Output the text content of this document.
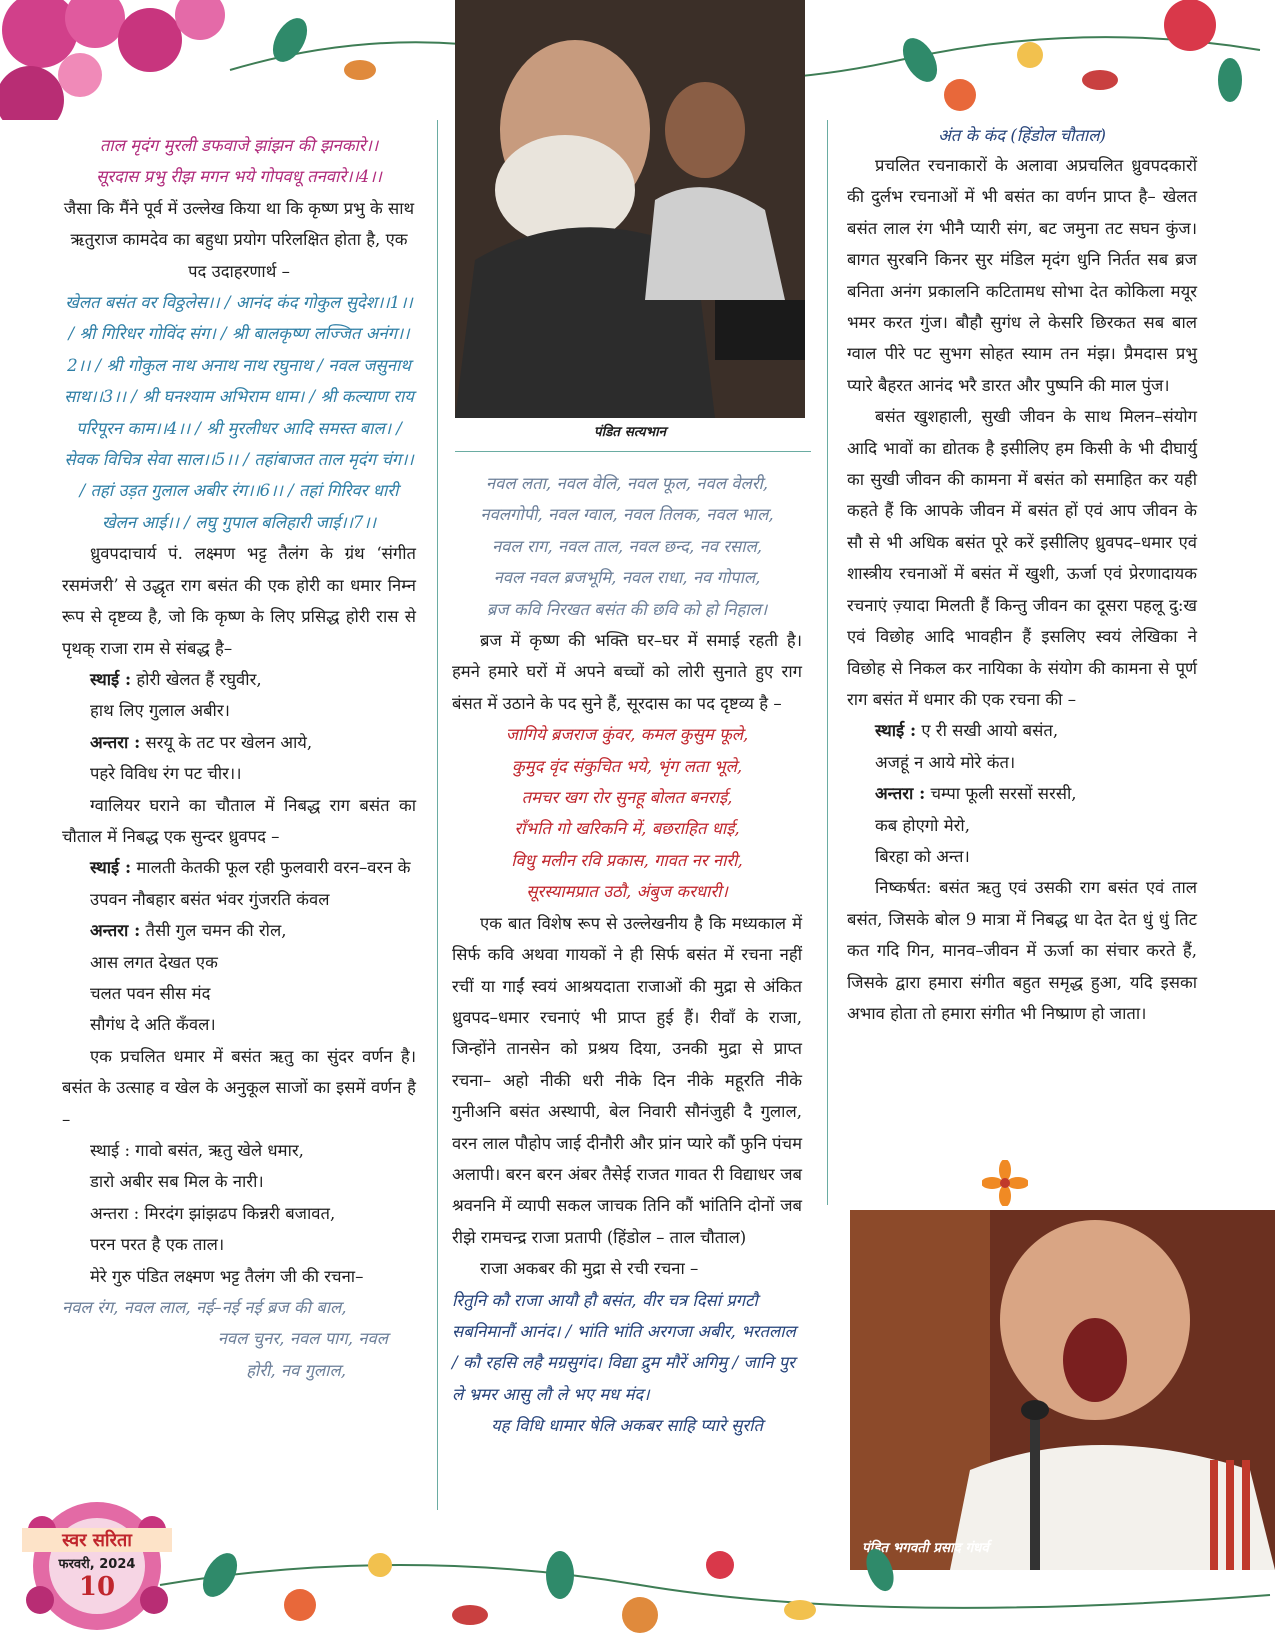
पंडित सत्यभान

ताल मृदंग मुरली डफवाजे झांझन की झनकारे।।

सूरदास प्रभु रीझ मगन भये गोपवधू तनवारे।।4।।

जैसा कि मैंने पूर्व में उल्लेख किया था कि कृष्ण प्रभु के साथ ऋतुराज कामदेव का बहुधा प्रयोग परिलक्षित होता है, एक पद उदाहरणार्थ –

खेलत बसंत वर विठ्ठलेस।। / आनंद कंद गोकुल सुदेश।।1।। / श्री गिरिधर गोविंद संग। / श्री बालकृष्ण लज्जित अनंग।।2।। / श्री गोकुल नाथ अनाथ नाथ रघुनाथ / नवल जसुनाथ साथ।।3।। / श्री घनश्याम अभिराम धाम। / श्री कल्याण राय परिपूरन काम।।4।। / श्री मुरलीधर आदि समस्त बाल। / सेवक विचित्र सेवा साल।।5।। / तहांबाजत ताल मृदंग चंग।। / तहां उड़त गुलाल अबीर रंग।।6।। / तहां गिरिवर धारी खेलन आई।। / लघु गुपाल बलिहारी जाई।।7।।

ध्रुवपदाचार्य पं. लक्ष्मण भट्ट तैलंग के ग्रंथ ‘संगीत रसमंजरी’ से उद्धृत राग बसंत की एक होरी का धमार निम्न रूप से दृष्टव्य है, जो कि कृष्ण के लिए प्रसिद्ध होरी रास से पृथक् राजा राम से संबद्ध है–

स्थाई : होरी खेलत हैं रघुवीर,

हाथ लिए गुलाल अबीर।

अन्तरा : सरयू के तट पर खेलन आये,

पहरे विविध रंग पट चीर।।

ग्वालियर घराने का चौताल में निबद्ध राग बसंत का चौताल में निबद्ध एक सुन्दर ध्रुवपद –

स्थाई : मालती केतकी फूल रही फुलवारी वरन–वरन के

उपवन नौबहार बसंत भंवर गुंजरति कंवल

अन्तरा : तैसी गुल चमन की रोल,

आस लगत देखत एक

चलत पवन सीस मंद

सौगंध दे अति कँवल।

एक प्रचलित धमार में बसंत ऋतु का सुंदर वर्णन है। बसंत के उत्साह व खेल के अनुकूल साजों का इसमें वर्णन है –

स्थाई : गावो बसंत, ऋतु खेले धमार,

डारो अबीर सब मिल के नारी।

अन्तरा : मिरदंग झांझढप किन्नरी बजावत,

परन परत है एक ताल।

मेरे गुरु पंडित लक्ष्मण भट्ट तैलंग जी की रचना–

नवल रंग, नवल लाल, नई–नई नई ब्रज की बाल,

नवल चुनर, नवल पाग, नवल

होरी, नव गुलाल,

नवल लता, नवल वेलि, नवल फूल, नवल वेलरी,

नवलगोपी, नवल ग्वाल, नवल तिलक, नवल भाल,

नवल राग, नवल ताल, नवल छन्द, नव रसाल,

नवल नवल ब्रजभूमि, नवल राधा, नव गोपाल,

ब्रज कवि निरखत बसंत की छवि को हो निहाल।

ब्रज में कृष्ण की भक्ति घर–घर में समाई रहती है। हमने हमारे घरों में अपने बच्चों को लोरी सुनाते हुए राग बंसत में उठाने के पद सुने हैं, सूरदास का पद दृष्टव्य है –

जागिये ब्रजराज कुंवर, कमल कुसुम फूले,

कुमुद वृंद संकुचित भये, भृंग लता भूले,

तमचर खग रोर सुनहू बोलत बनराई,

राँभति गो खरिकनि में, बछराहित धाई,

विधु मलीन रवि प्रकास, गावत नर नारी,

सूरस्यामप्रात उठौ, अंबुज करधारी।

एक बात विशेष रूप से उल्लेखनीय है कि मध्यकाल में सिर्फ कवि अथवा गायकों ने ही सिर्फ बसंत में रचना नहीं रचीं या गाईं स्वयं आश्रयदाता राजाओं की मुद्रा से अंकित ध्रुवपद–धमार रचनाएं भी प्राप्त हुई हैं। रीवाँ के राजा, जिन्होंने तानसेन को प्रश्रय दिया, उनकी मुद्रा से प्राप्त रचना– अहो नीकी धरी नीके दिन नीके महूरति नीके गुनीअनि बसंत अस्थापी, बेल निवारी सौनंजुही दै गुलाल, वरन लाल पौहोप जाई दीनौरी और प्रांन प्यारे कौं फुनि पंचम अलापी। बरन बरन अंबर तैसेई राजत गावत री विद्याधर जब श्रवननि में व्यापी सकल जाचक तिनि कौं भांतिनि दोनों जब रीझे रामचन्द्र राजा प्रतापी (हिंडोल – ताल चौताल)

राजा अकबर की मुद्रा से रची रचना –

रितुनि कौ राजा आयौ हौ बसंत, वीर चत्र दिसां प्रगटौ सबनिमानौं आनंद। / भांति भांति अरगजा अबीर, भरतलाल / कौ रहसि लहै मग्रसुगंद। विद्या द्रुम मौरें अगिमु / जानि पुर ले भ्रमर आसु लौ ले भए मध मंद।

यह विधि धामार षेलि अकबर साहि प्यारे सुरति

अंत के कंद (हिंडोल चौताल)

प्रचलित रचनाकारों के अलावा अप्रचलित ध्रुवपदकारों की दुर्लभ रचनाओं में भी बसंत का वर्णन प्राप्त है– खेलत बसंत लाल रंग भीनै प्यारी संग, बट जमुना तट सघन कुंज। बागत सुरबनि किनर सुर मंडिल मृदंग धुनि निर्तत सब ब्रज बनिता अनंग प्रकालनि कटितामध सोभा देत कोकिला मयूर भमर करत गुंज। बौहौ सुगंध ले केसरि छिरकत सब बाल ग्वाल पीरे पट सुभग सोहत स्याम तन मंझ। प्रैमदास प्रभु प्यारे बैहरत आनंद भरै डारत और पुष्पनि की माल पुंज।

बसंत खुशहाली, सुखी जीवन के साथ मिलन–संयोग आदि भावों का द्योतक है इसीलिए हम किसी के भी दीघार्यु का सुखी जीवन की कामना में बसंत को समाहित कर यही कहते हैं कि आपके जीवन में बसंत हों एवं आप जीवन के सौ से भी अधिक बसंत पूरे करें इसीलिए ध्रुवपद–धमार एवं शास्त्रीय रचनाओं में बसंत में खुशी, ऊर्जा एवं प्रेरणादायक रचनाएं ज़्यादा मिलती हैं किन्तु जीवन का दूसरा पहलू दु:ख एवं विछोह आदि भावहीन हैं इसलिए स्वयं लेखिका ने विछोह से निकल कर नायिका के संयोग की कामना से पूर्ण राग बसंत में धमार की एक रचना की –

स्थाई : ए री सखी आयो बसंत,

अजहूं न आये मोरे कंत।

अन्तरा : चम्पा फूली सरसों सरसी,

कब होएगो मेरो,

बिरहा को अन्त।

निष्कर्षत: बसंत ऋतु एवं उसकी राग बसंत एवं ताल बसंत, जिसके बोल 9 मात्रा में निबद्ध धा देत देत धुं धुं तिट कत गदि गिन, मानव–जीवन में ऊर्जा का संचार करते हैं, जिसके द्वारा हमारा संगीत बहुत समृद्ध हुआ, यदि इसका अभाव होता तो हमारा संगीत भी निष्प्राण हो जाता।

पंडित भगवती प्रसाद गंधर्व
स्वर सरिता
फरवरी, 2024
10
